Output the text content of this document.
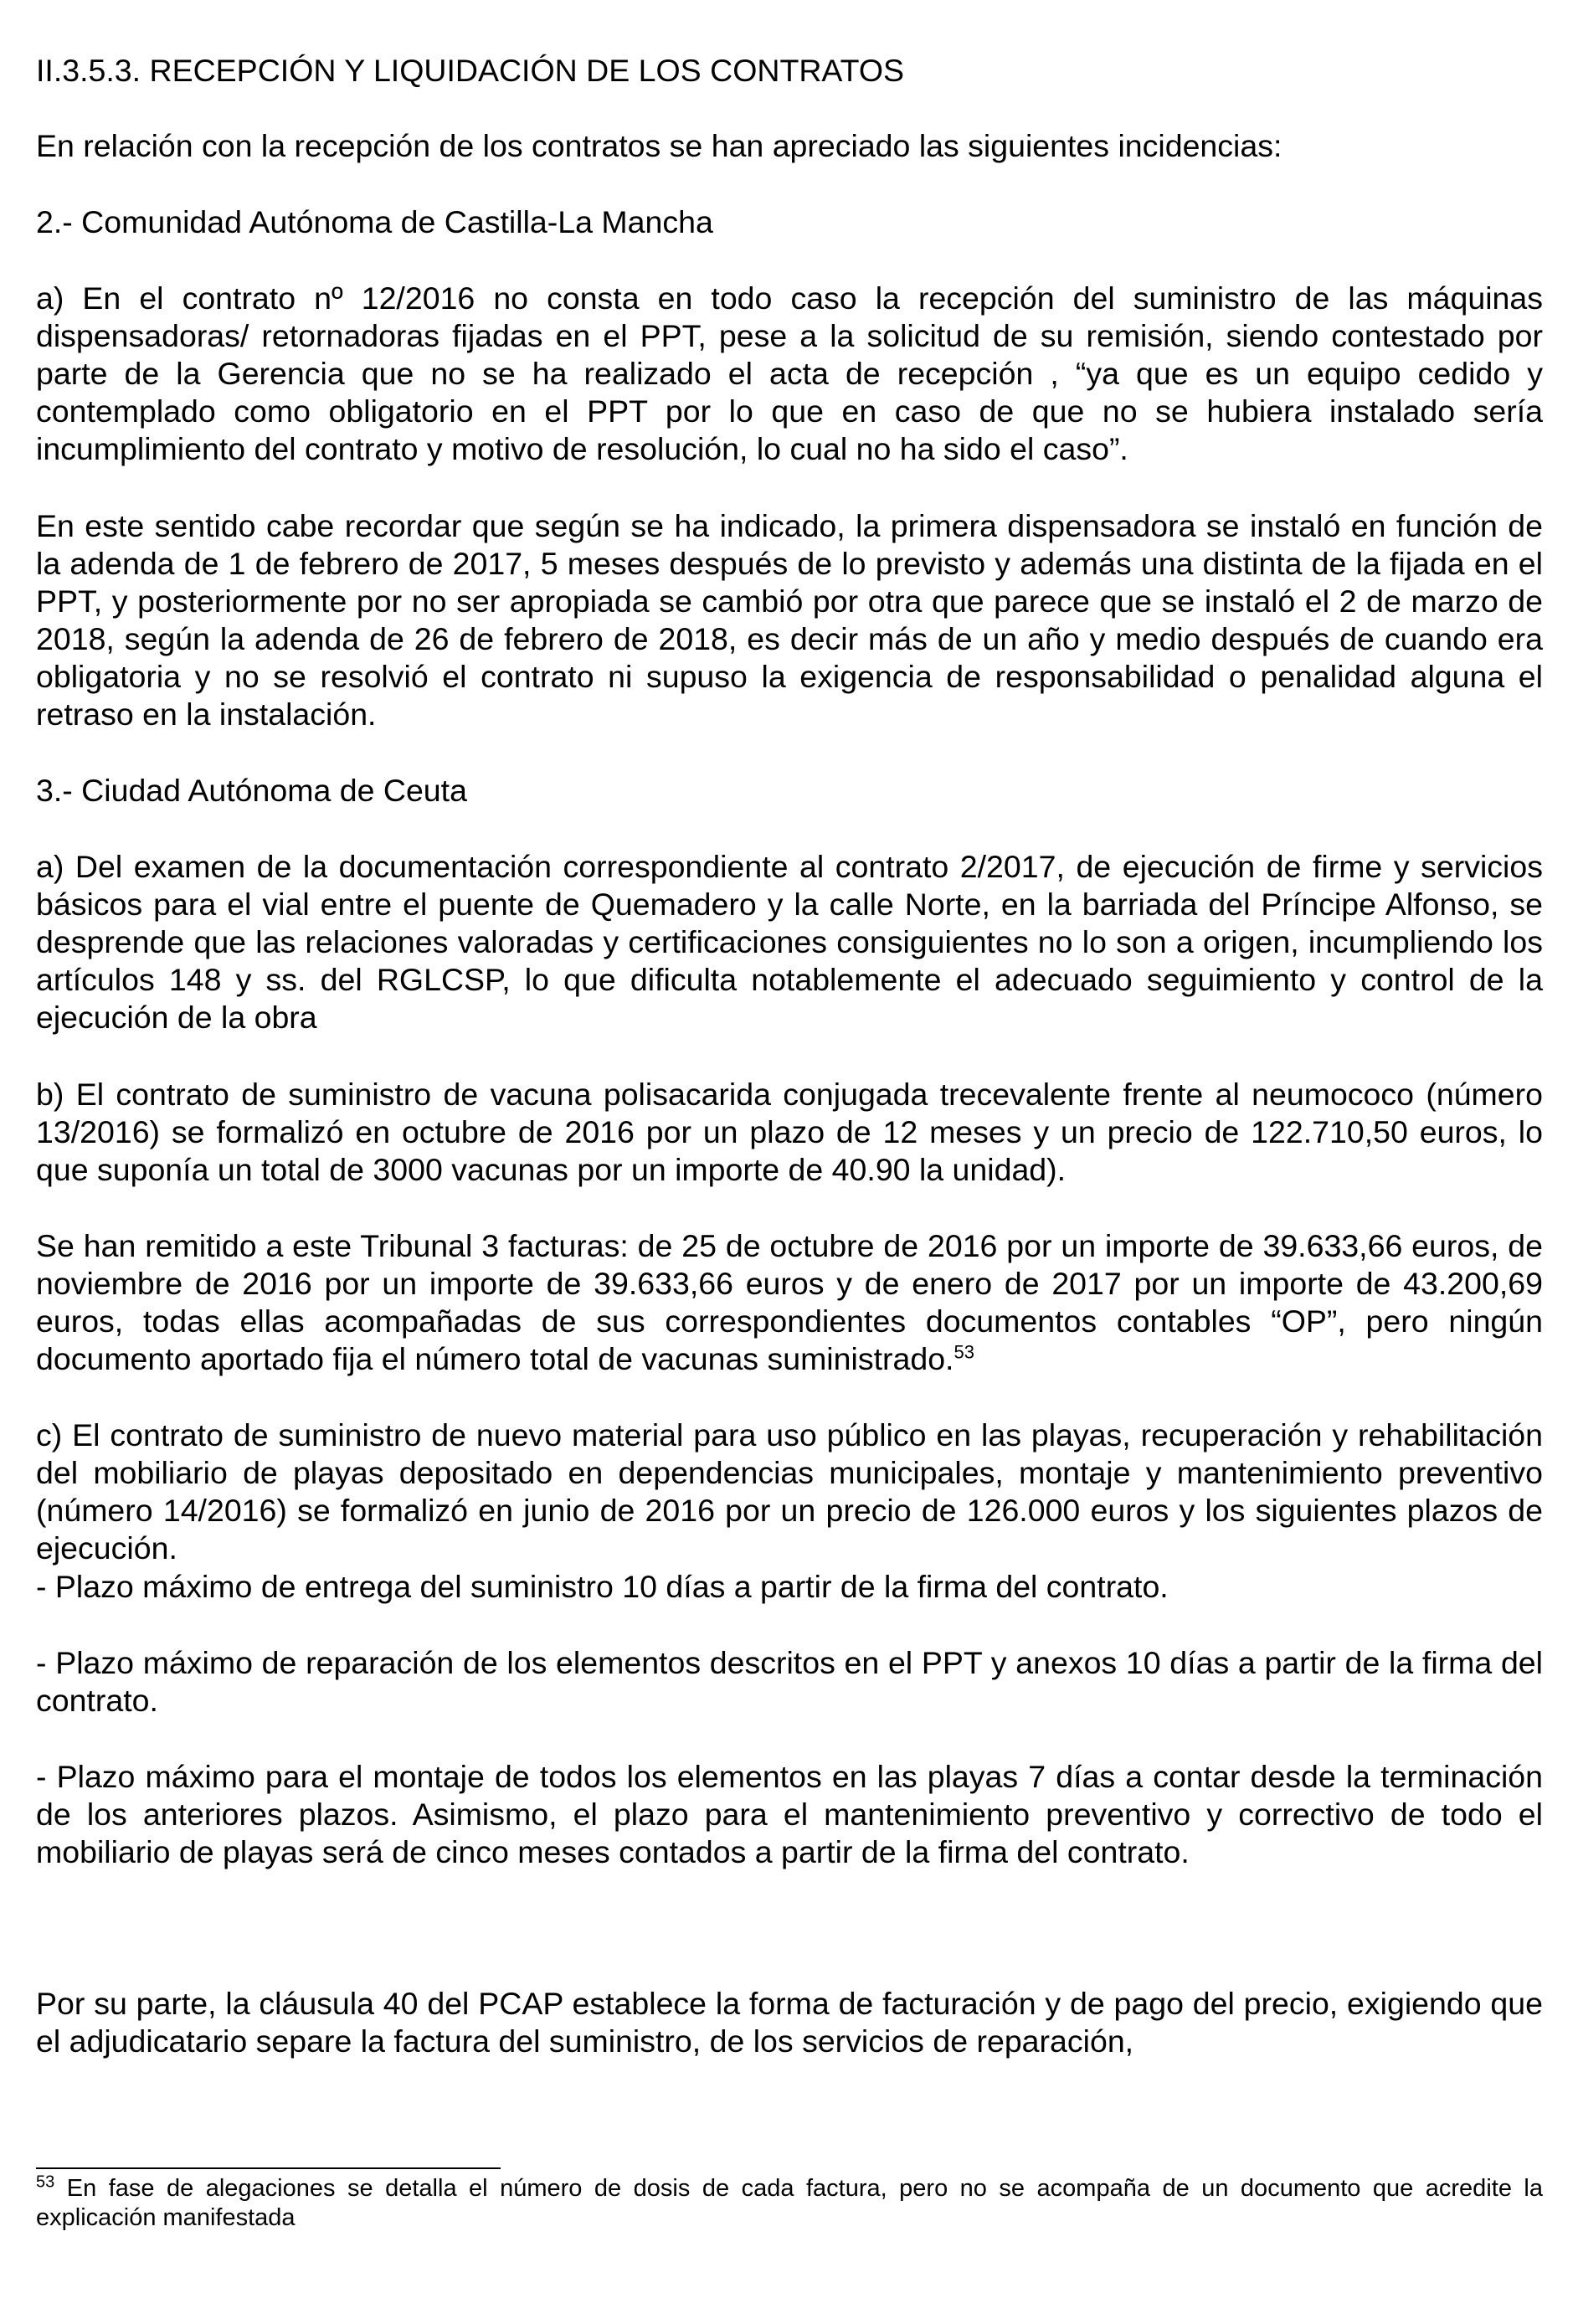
II.3.5.3. RECEPCIÓN Y LIQUIDACIÓN DE LOS CONTRATOS

En relación con la recepción de los contratos se han apreciado las siguientes incidencias:

2.- Comunidad Autónoma de Castilla-La Mancha

a) En el contrato nº 12/2016 no consta en todo caso la recepción del suministro de las máquinas dispensadoras/ retornadoras fijadas en el PPT, pese a la solicitud de su remisión, siendo contestado por parte de la Gerencia que no se ha realizado el acta de recepción , “ya que es un equipo cedido y contemplado como obligatorio en el PPT por lo que en caso de que no se hubiera instalado sería incumplimiento del contrato y motivo de resolución, lo cual no ha sido el caso”.

En este sentido cabe recordar que según se ha indicado, la primera dispensadora se instaló en función de la adenda de 1 de febrero de 2017, 5 meses después de lo previsto y además una distinta de la fijada en el PPT, y posteriormente por no ser apropiada se cambió por otra que parece que se instaló el 2 de marzo de 2018, según la adenda de 26 de febrero de 2018, es decir más de un año y medio después de cuando era obligatoria y no se resolvió el contrato ni supuso la exigencia de responsabilidad o penalidad alguna el retraso en la instalación.

3.- Ciudad Autónoma de Ceuta

a) Del examen de la documentación correspondiente al contrato 2/2017, de ejecución de firme y servicios básicos para el vial entre el puente de Quemadero y la calle Norte, en la barriada del Príncipe Alfonso, se desprende que las relaciones valoradas y certificaciones consiguientes no lo son a origen, incumpliendo los artículos 148 y ss. del RGLCSP, lo que dificulta notablemente el adecuado seguimiento y control de la ejecución de la obra

b) El contrato de suministro de vacuna polisacarida conjugada trecevalente frente al neumococo (número 13/2016) se formalizó en octubre de 2016 por un plazo de 12 meses y un precio de 122.710,50 euros, lo que suponía un total de 3000 vacunas por un importe de 40.90 la unidad).

Se han remitido a este Tribunal 3 facturas: de 25 de octubre de 2016 por un importe de 39.633,66 euros, de noviembre de 2016 por un importe de 39.633,66 euros y de enero de 2017 por un importe de 43.200,69 euros, todas ellas acompañadas de sus correspondientes documentos contables “OP”, pero ningún documento aportado fija el número total de vacunas suministrado.$^{53}$

c) El contrato de suministro de nuevo material para uso público en las playas, recuperación y rehabilitación del mobiliario de playas depositado en dependencias municipales, montaje y mantenimiento preventivo (número 14/2016) se formalizó en junio de 2016 por un precio de 126.000 euros y los siguientes plazos de ejecución.

- Plazo máximo de entrega del suministro 10 días a partir de la firma del contrato.

- Plazo máximo de reparación de los elementos descritos en el PPT y anexos 10 días a partir de la firma del contrato.

- Plazo máximo para el montaje de todos los elementos en las playas 7 días a contar desde la terminación de los anteriores plazos. Asimismo, el plazo para el mantenimiento preventivo y correctivo de todo el mobiliario de playas será de cinco meses contados a partir de la firma del contrato.

Por su parte, la cláusula 40 del PCAP establece la forma de facturación y de pago del precio, exigiendo que el adjudicatario separe la factura del suministro, de los servicios de reparación,

$^{53}$ En fase de alegaciones se detalla el número de dosis de cada factura, pero no se acompaña de un documento que acredite la explicación manifestada
